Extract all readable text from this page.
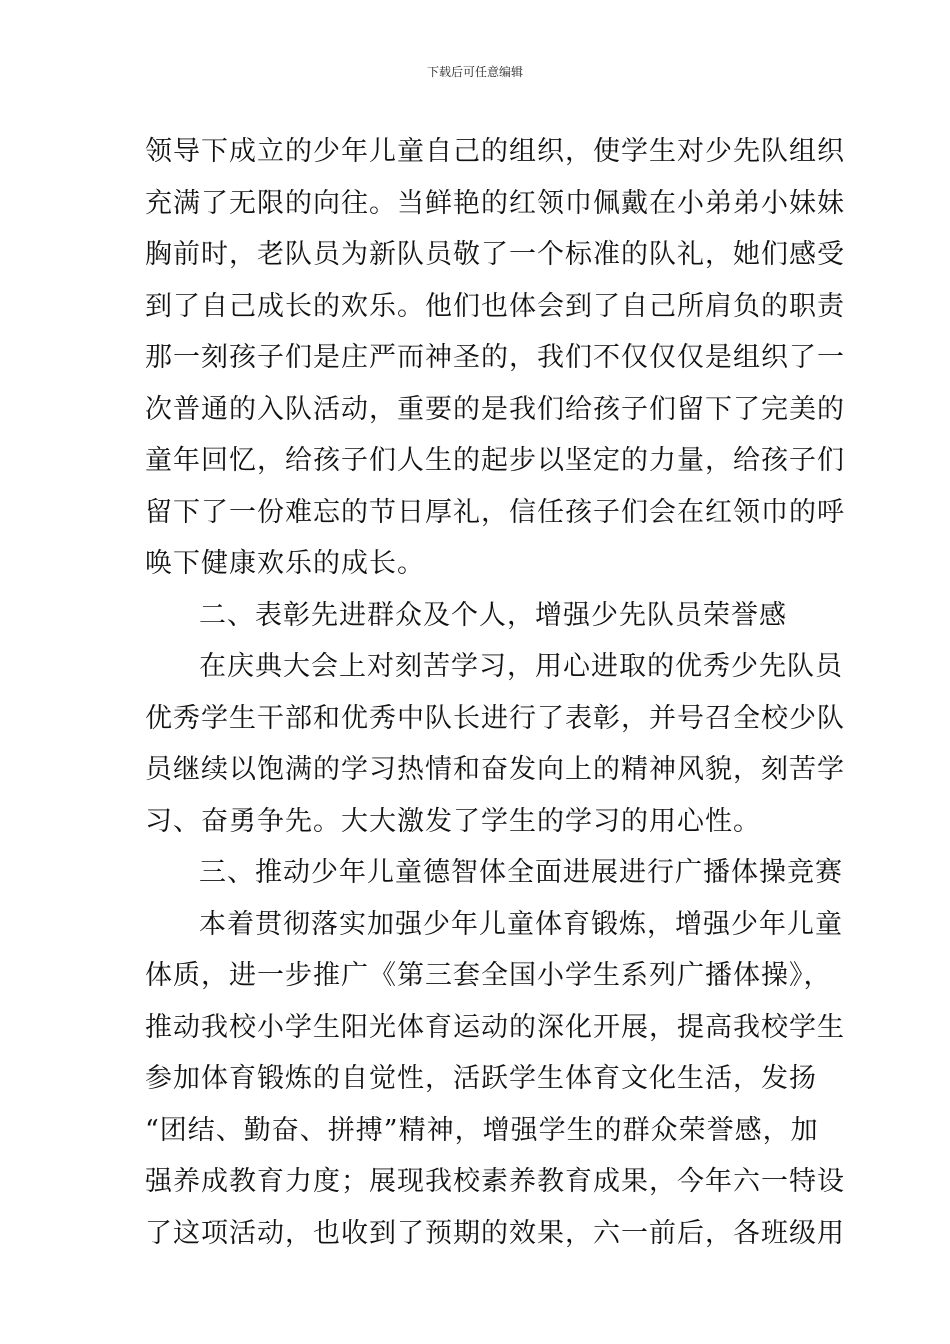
下载后可任意编辑
领导下成立的少年儿童自己的组织，使学生对少先队组织
充满了无限的向往。当鲜艳的红领巾佩戴在小弟弟小妹妹
胸前时，老队员为新队员敬了一个标准的队礼，她们感受
到了自己成长的欢乐。他们也体会到了自己所肩负的职责
那一刻孩子们是庄严而神圣的，我们不仅仅仅是组织了一
次普通的入队活动，重要的是我们给孩子们留下了完美的
童年回忆，给孩子们人生的起步以坚定的力量，给孩子们
留下了一份难忘的节日厚礼，信任孩子们会在红领巾的呼
唤下健康欢乐的成长。
二、表彰先进群众及个人，增强少先队员荣誉感
在庆典大会上对刻苦学习，用心进取的优秀少先队员
优秀学生干部和优秀中队长进行了表彰，并号召全校少队
员继续以饱满的学习热情和奋发向上的精神风貌，刻苦学
习、奋勇争先。大大激发了学生的学习的用心性。
三、推动少年儿童德智体全面进展进行广播体操竞赛
本着贯彻落实加强少年儿童体育锻炼，增强少年儿童
体质，进一步推广《第三套全国小学生系列广播体操》，
推动我校小学生阳光体育运动的深化开展，提高我校学生
参加体育锻炼的自觉性，活跃学生体育文化生活，发扬
“团结、勤奋、拼搏”精神，增强学生的群众荣誉感，加
强养成教育力度；展现我校素养教育成果，今年六一特设
了这项活动，也收到了预期的效果，六一前后，各班级用
